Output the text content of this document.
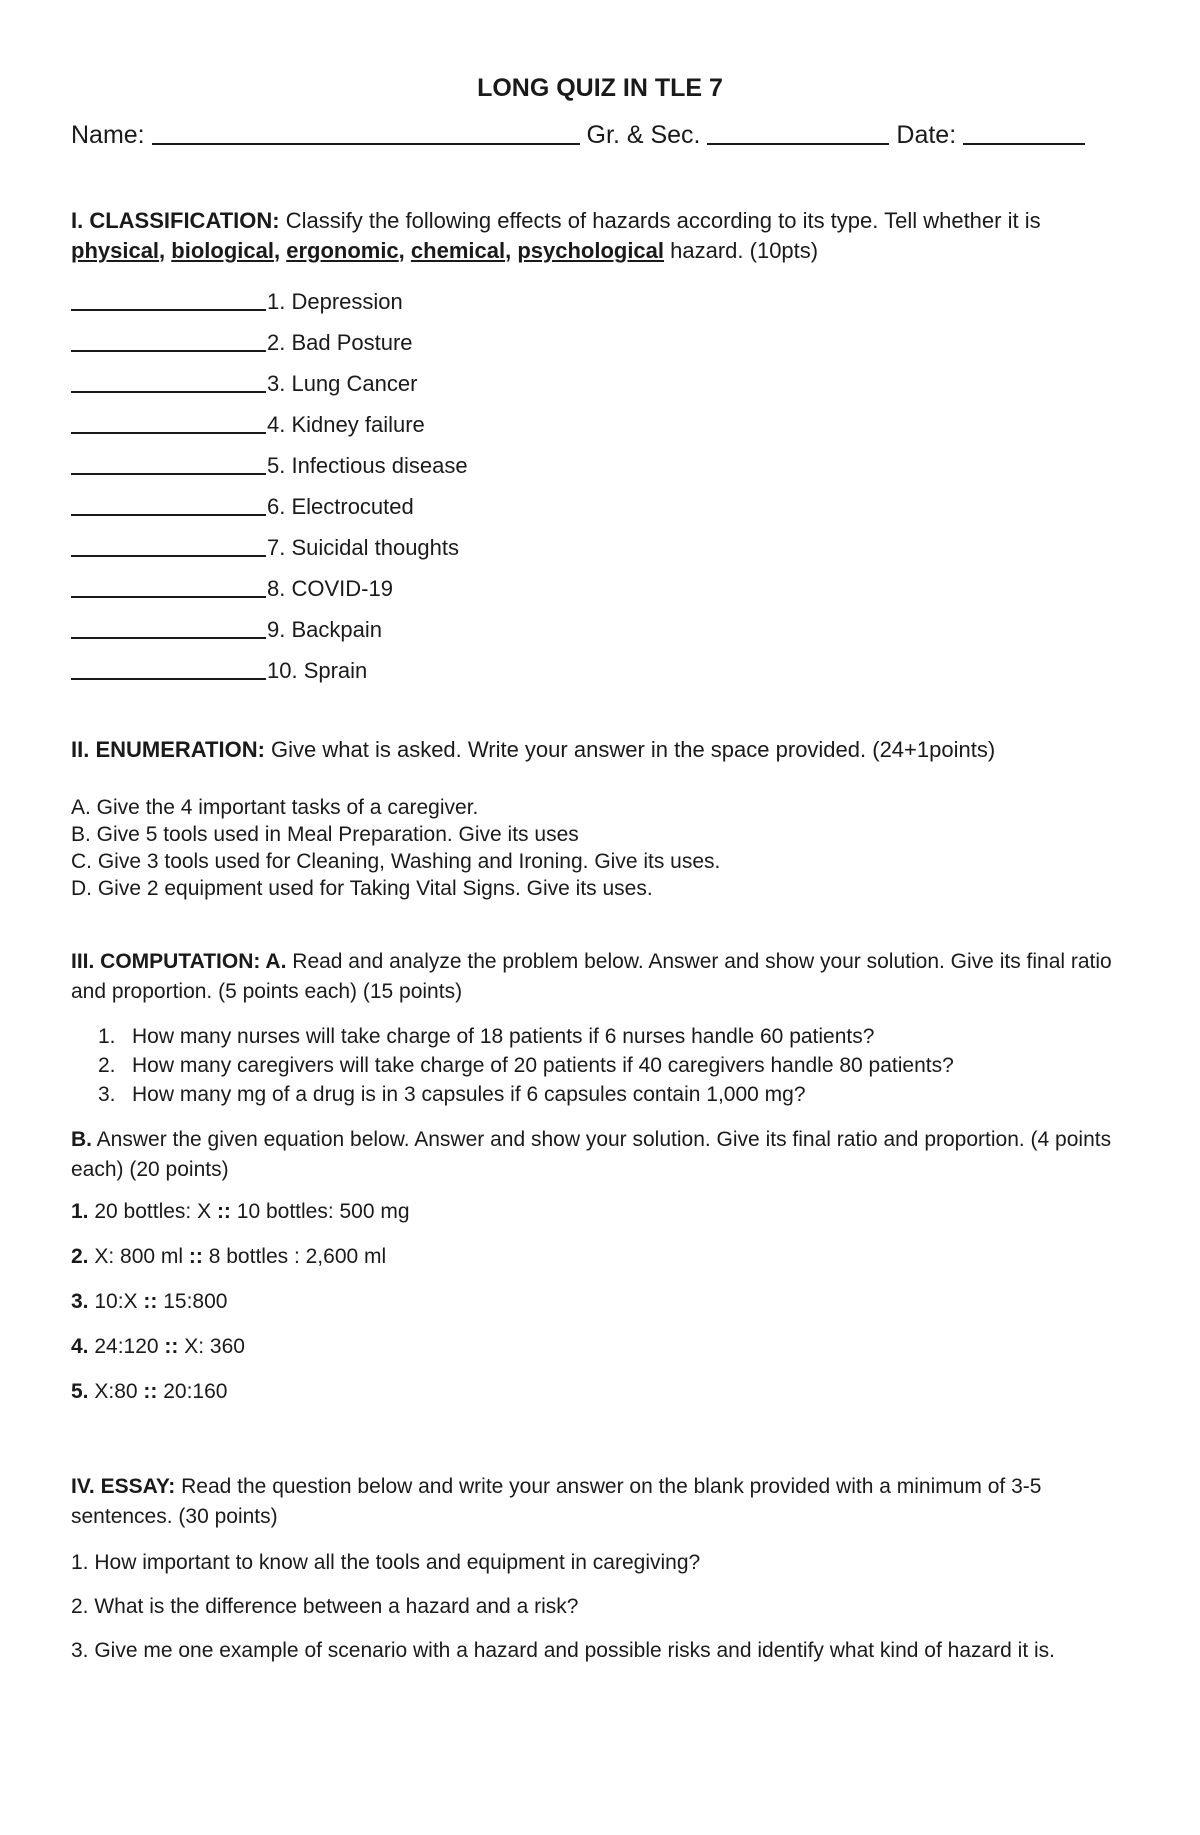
LONG QUIZ IN TLE 7
Name:	Gr. & Sec.	Date:
I. CLASSIFICATION: Classify the following effects of hazards according to its type. Tell whether it is physical, biological, ergonomic, chemical, psychological hazard. (10pts)
1. Depression
2. Bad Posture
3. Lung Cancer
4. Kidney failure
5. Infectious disease
6. Electrocuted
7. Suicidal thoughts
8. COVID-19
9. Backpain
10. Sprain
II. ENUMERATION: Give what is asked. Write your answer in the space provided. (24+1points)
A. Give the 4 important tasks of a caregiver.
B. Give 5 tools used in Meal Preparation. Give its uses
C. Give 3 tools used for Cleaning, Washing and Ironing. Give its uses.
D. Give 2 equipment used for Taking Vital Signs. Give its uses.
III. COMPUTATION: A. Read and analyze the problem below. Answer and show your solution. Give its final ratio and proportion. (5 points each) (15 points)
1. How many nurses will take charge of 18 patients if 6 nurses handle 60 patients?
2. How many caregivers will take charge of 20 patients if 40 caregivers handle 80 patients?
3. How many mg of a drug is in 3 capsules if 6 capsules contain 1,000 mg?
B. Answer the given equation below. Answer and show your solution. Give its final ratio and proportion. (4 points each) (20 points)
1. 20 bottles: X :: 10 bottles: 500 mg
2. X: 800 ml :: 8 bottles : 2,600 ml
3. 10:X :: 15:800
4. 24:120 :: X: 360
5. X:80 :: 20:160
IV. ESSAY: Read the question below and write your answer on the blank provided with a minimum of 3-5 sentences. (30 points)
1. How important to know all the tools and equipment in caregiving?
2. What is the difference between a hazard and a risk?
3. Give me one example of scenario with a hazard and possible risks and identify what kind of hazard it is.
